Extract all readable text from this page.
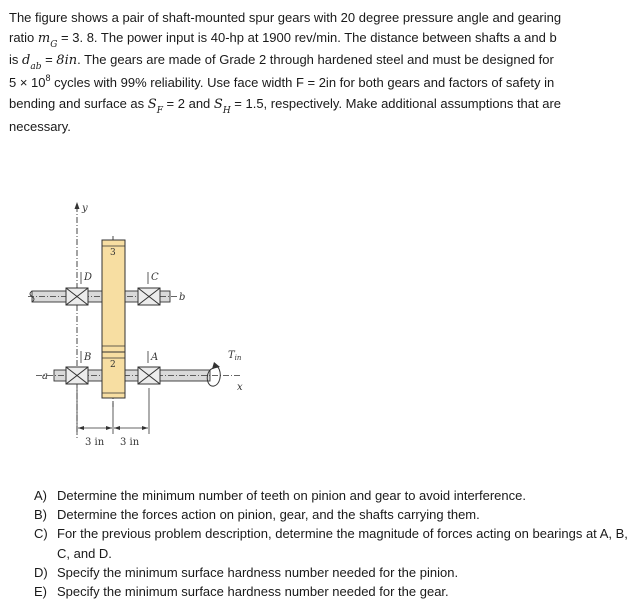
The figure shows a pair of shaft-mounted spur gears with 20 degree pressure angle and gearing
ratio $m_G = 3$. 8. The power input is 40-hp at 1900 rev/min. The distance between shafts a and b
is $d_{ab} = 8in$. The gears are made of Grade 2 through hardened steel and must be designed for
$5 \times 10^8$ cycles with 99% reliability. Use face width F = 2in for both gears and factors of safety in
bending and surface as $S_F = 2$ and $S_H = 1.5$, respectively. Make additional assumptions that are
necessary.
y
3
2
D	C
B	A
b
a
$T_{in}$
x
3 in 3 in
A) Determine the minimum number of teeth on pinion and gear to avoid interference.
B) Determine the forces action on pinion, gear, and the shafts carrying them.
C) For the previous problem description, determine the magnitude of forces acting on bearings at A, B, C, and D.
D) Specify the minimum surface hardness number needed for the pinion.
E) Specify the minimum surface hardness number needed for the gear.
